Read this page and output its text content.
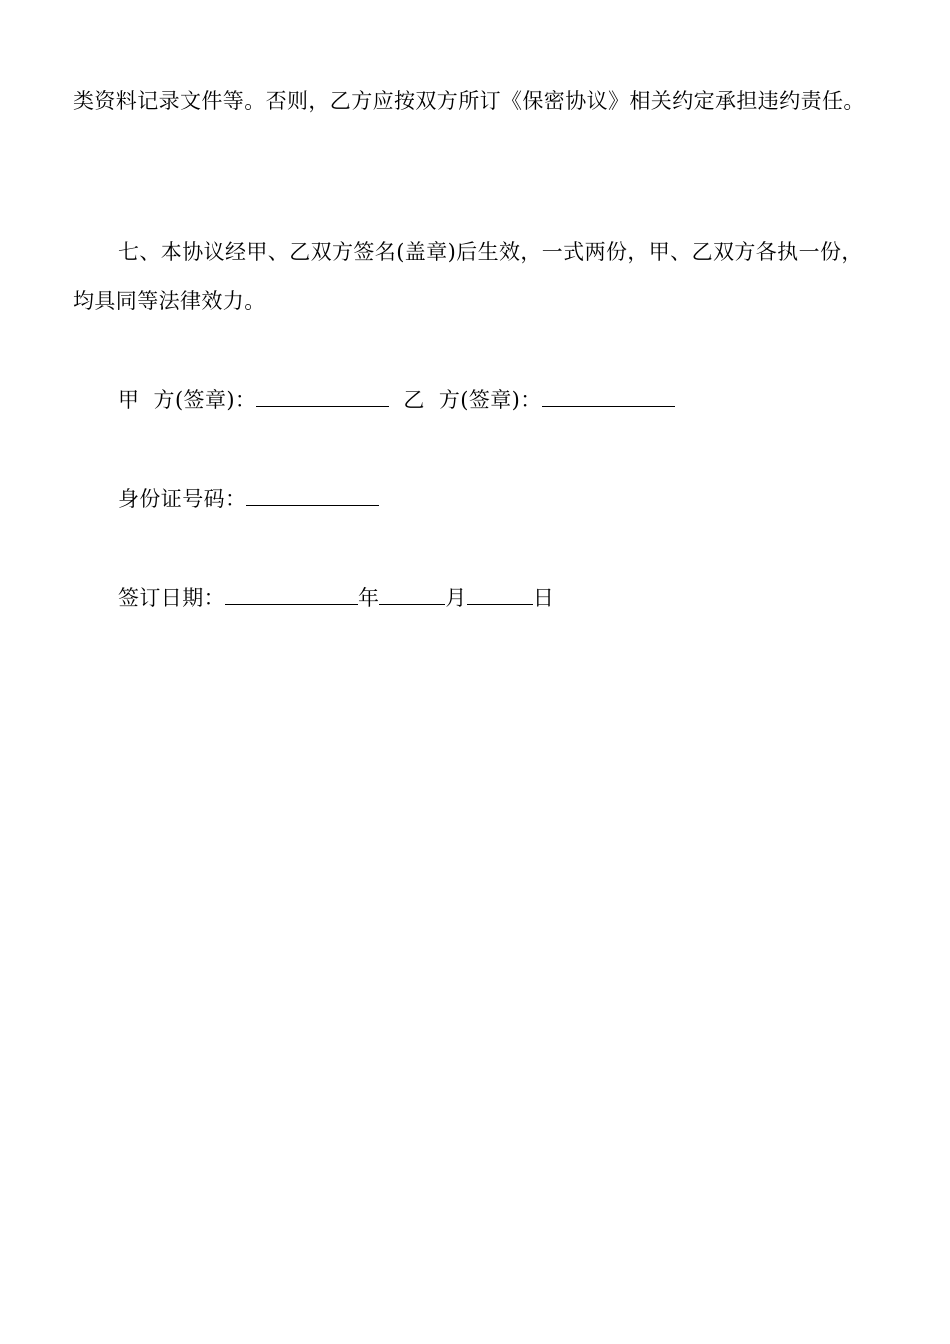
类资料记录文件等。否则，乙方应按双方所订《保密协议》相关约定承担违约责任。
七、本协议经甲、乙双方签名(盖章)后生效，一式两份，甲、乙双方各执一份，
均具同等法律效力。
甲  方(签章)：	乙  方(签章)：
身份证号码：
签订日期：	年	月	日
